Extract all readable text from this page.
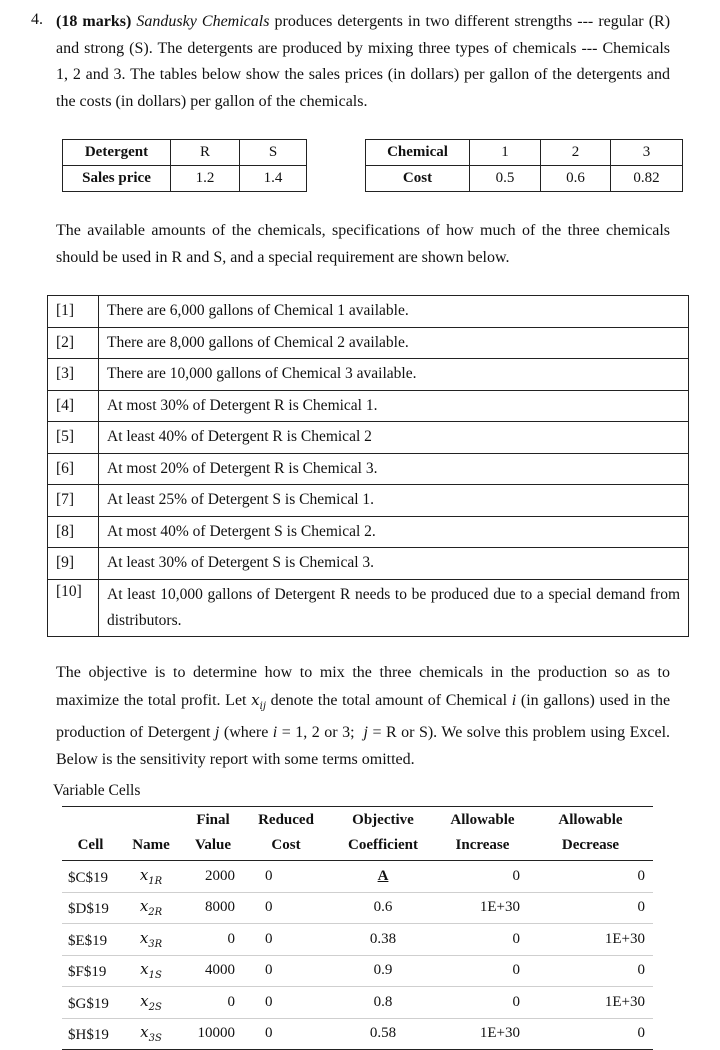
4. (18 marks) Sandusky Chemicals produces detergents in two different strengths --- regular (R) and strong (S). The detergents are produced by mixing three types of chemicals --- Chemicals 1, 2 and 3. The tables below show the sales prices (in dollars) per gallon of the detergents and the costs (in dollars) per gallon of the chemicals.

Detergent	R	S
Sales price	1.2	1.4
Chemical	1	2	3
Cost	0.5	0.6	0.82

The available amounts of the chemicals, specifications of how much of the three chemicals should be used in R and S, and a special requirement are shown below.

[1]	There are 6,000 gallons of Chemical 1 available.
[2]	There are 8,000 gallons of Chemical 2 available.
[3]	There are 10,000 gallons of Chemical 3 available.
[4]	At most 30% of Detergent R is Chemical 1.
[5]	At least 40% of Detergent R is Chemical 2
[6]	At most 20% of Detergent R is Chemical 3.
[7]	At least 25% of Detergent S is Chemical 1.
[8]	At most 40% of Detergent S is Chemical 2.
[9]	At least 30% of Detergent S is Chemical 3.
[10]	At least 10,000 gallons of Detergent R needs to be produced due to a special demand from distributors.

The objective is to determine how to mix the three chemicals in the production so as to maximize the total profit. Let $x_{ij}$ denote the total amount of Chemical i (in gallons) used in the production of Detergent j (where i = 1, 2 or 3; j = R or S). We solve this problem using Excel. Below is the sensitivity report with some terms omitted.

Variable Cells
		Final	Reduced	Objective	Allowable	Allowable
Cell	Name	Value	Cost	Coefficient	Increase	Decrease
$C$19	$x_{1R}$	2000	0	A	0	0
$D$19	$x_{2R}$	8000	0	0.6	1E+30	0
$E$19	$x_{3R}$	0	0	0.38	0	1E+30
$F$19	$x_{1S}$	4000	0	0.9	0	0
$G$19	$x_{2S}$	0	0	0.8	0	1E+30
$H$19	$x_{3S}$	10000	0	0.58	1E+30	0
